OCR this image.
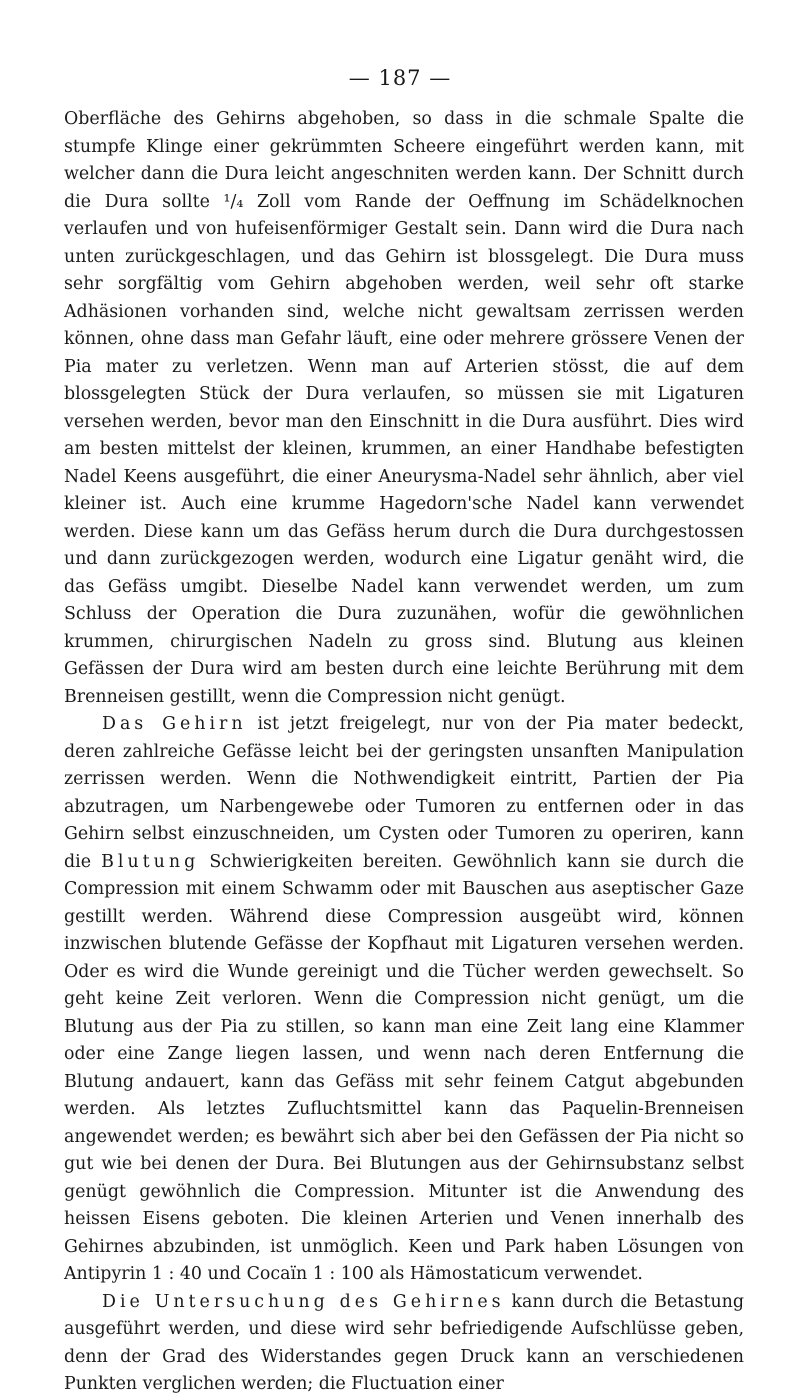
— 187 —

Oberfläche des Gehirns abgehoben, so dass in die schmale Spalte die stumpfe Klinge einer gekrümmten Scheere eingeführt werden kann, mit welcher dann die Dura leicht angeschniten werden kann. Der Schnitt durch die Dura sollte ¹/₄ Zoll vom Rande der Oeffnung im Schädelknochen verlaufen und von hufeisenförmiger Gestalt sein. Dann wird die Dura nach unten zurückgeschlagen, und das Gehirn ist blossgelegt. Die Dura muss sehr sorgfältig vom Gehirn abgehoben werden, weil sehr oft starke Adhäsionen vorhanden sind, welche nicht gewaltsam zerrissen werden können, ohne dass man Gefahr läuft, eine oder mehrere grössere Venen der Pia mater zu verletzen. Wenn man auf Arterien stösst, die auf dem blossgelegten Stück der Dura verlaufen, so müssen sie mit Ligaturen versehen werden, bevor man den Einschnitt in die Dura ausführt. Dies wird am besten mittelst der kleinen, krummen, an einer Handhabe befestigten Nadel Keens ausgeführt, die einer Aneurysma-Nadel sehr ähnlich, aber viel kleiner ist. Auch eine krumme Hagedorn'sche Nadel kann verwendet werden. Diese kann um das Gefäss herum durch die Dura durchgestossen und dann zurückgezogen werden, wodurch eine Ligatur genäht wird, die das Gefäss umgibt. Dieselbe Nadel kann verwendet werden, um zum Schluss der Operation die Dura zuzunähen, wofür die gewöhnlichen krummen, chirurgischen Nadeln zu gross sind. Blutung aus kleinen Gefässen der Dura wird am besten durch eine leichte Berührung mit dem Brenneisen gestillt, wenn die Compression nicht genügt.

Das Gehirn ist jetzt freigelegt, nur von der Pia mater bedeckt, deren zahlreiche Gefässe leicht bei der geringsten unsanften Manipulation zerrissen werden. Wenn die Nothwendigkeit eintritt, Partien der Pia abzutragen, um Narbengewebe oder Tumoren zu entfernen oder in das Gehirn selbst einzuschneiden, um Cysten oder Tumoren zu operiren, kann die Blutung Schwierigkeiten bereiten. Gewöhnlich kann sie durch die Compression mit einem Schwamm oder mit Bauschen aus aseptischer Gaze gestillt werden. Während diese Compression ausgeübt wird, können inzwischen blutende Gefässe der Kopfhaut mit Ligaturen versehen werden. Oder es wird die Wunde gereinigt und die Tücher werden gewechselt. So geht keine Zeit verloren. Wenn die Compression nicht genügt, um die Blutung aus der Pia zu stillen, so kann man eine Zeit lang eine Klammer oder eine Zange liegen lassen, und wenn nach deren Entfernung die Blutung andauert, kann das Gefäss mit sehr feinem Catgut abgebunden werden. Als letztes Zufluchtsmittel kann das Paquelin-Brenneisen angewendet werden; es bewährt sich aber bei den Gefässen der Pia nicht so gut wie bei denen der Dura. Bei Blutungen aus der Gehirnsubstanz selbst genügt gewöhnlich die Compression. Mitunter ist die Anwendung des heissen Eisens geboten. Die kleinen Arterien und Venen innerhalb des Gehirnes abzubinden, ist unmöglich. Keen und Park haben Lösungen von Antipyrin 1 : 40 und Cocaïn 1 : 100 als Hämostaticum verwendet.

Die Untersuchung des Gehirnes kann durch die Betastung ausgeführt werden, und diese wird sehr befriedigende Aufschlüsse geben, denn der Grad des Widerstandes gegen Druck kann an verschiedenen Punkten verglichen werden; die Fluctuation einer
